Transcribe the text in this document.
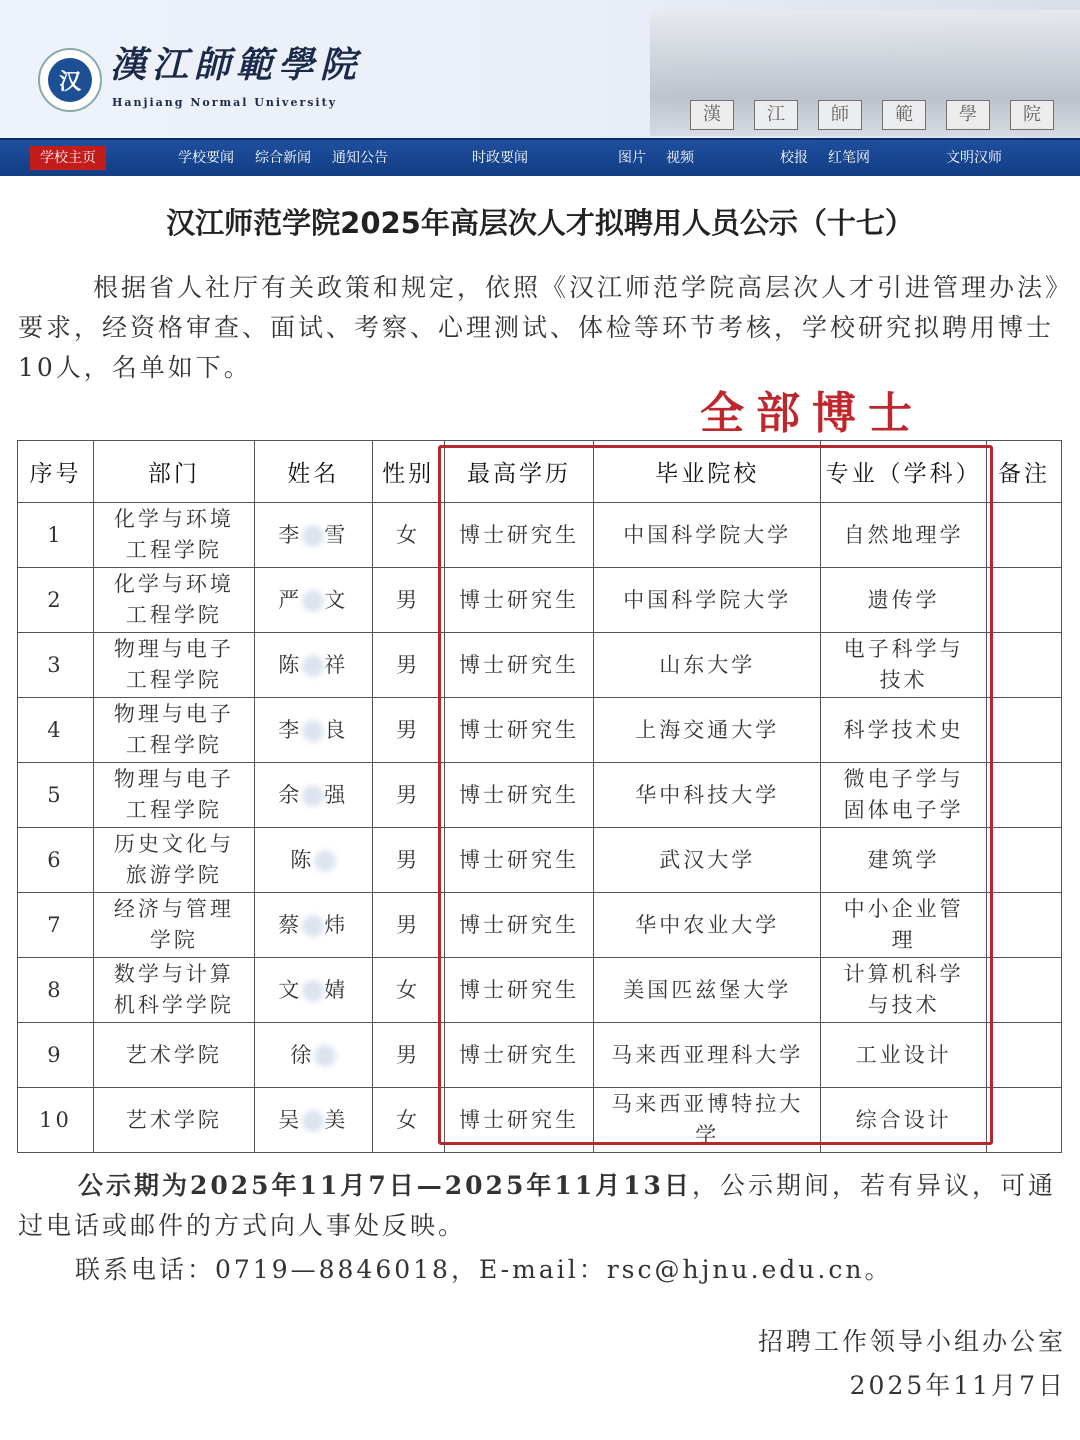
汉 漢江師範學院
Hanjiang Normal University
漢	江	師	範	學	院
学校主页	学校要闻 综合新闻 通知公告	时政要闻	图片 视频	校报 红笔网	文明汉师
汉江师范学院2025年高层次人才拟聘用人员公示（十七）

根据省人社厅有关政策和规定，依照《汉江师范学院高层次人才引进管理办法》要求，经资格审查、面试、考察、心理测试、体检等环节考核，学校研究拟聘用博士10人，名单如下。

全部博士
序号	部门	姓名	性别	最高学历	毕业院校	专业（学科）	备注
1	化学与环境工程学院	李 雪	女	博士研究生	中国科学院大学	自然地理学	
2	化学与环境工程学院	严 文	男	博士研究生	中国科学院大学	遗传学	
3	物理与电子工程学院	陈 祥	男	博士研究生	山东大学	电子科学与技术	
4	物理与电子工程学院	李 良	男	博士研究生	上海交通大学	科学技术史	
5	物理与电子工程学院	余 强	男	博士研究生	华中科技大学	微电子学与固体电子学	
6	历史文化与旅游学院	陈	男	博士研究生	武汉大学	建筑学	
7	经济与管理学院	蔡 炜	男	博士研究生	华中农业大学	中小企业管理	
8	数学与计算机科学学院	文 婧	女	博士研究生	美国匹兹堡大学	计算机科学与技术	
9	艺术学院	徐	男	博士研究生	马来西亚理科大学	工业设计	
10	艺术学院	吴 美	女	博士研究生	马来西亚博特拉大学	综合设计	

公示期为2025年11月7日—2025年11月13日，公示期间，若有异议，可通过电话或邮件的方式向人事处反映。

联系电话：0719—8846018，E-mail：rsc@hjnu.edu.cn。

招聘工作领导小组办公室

2025年11月7日
